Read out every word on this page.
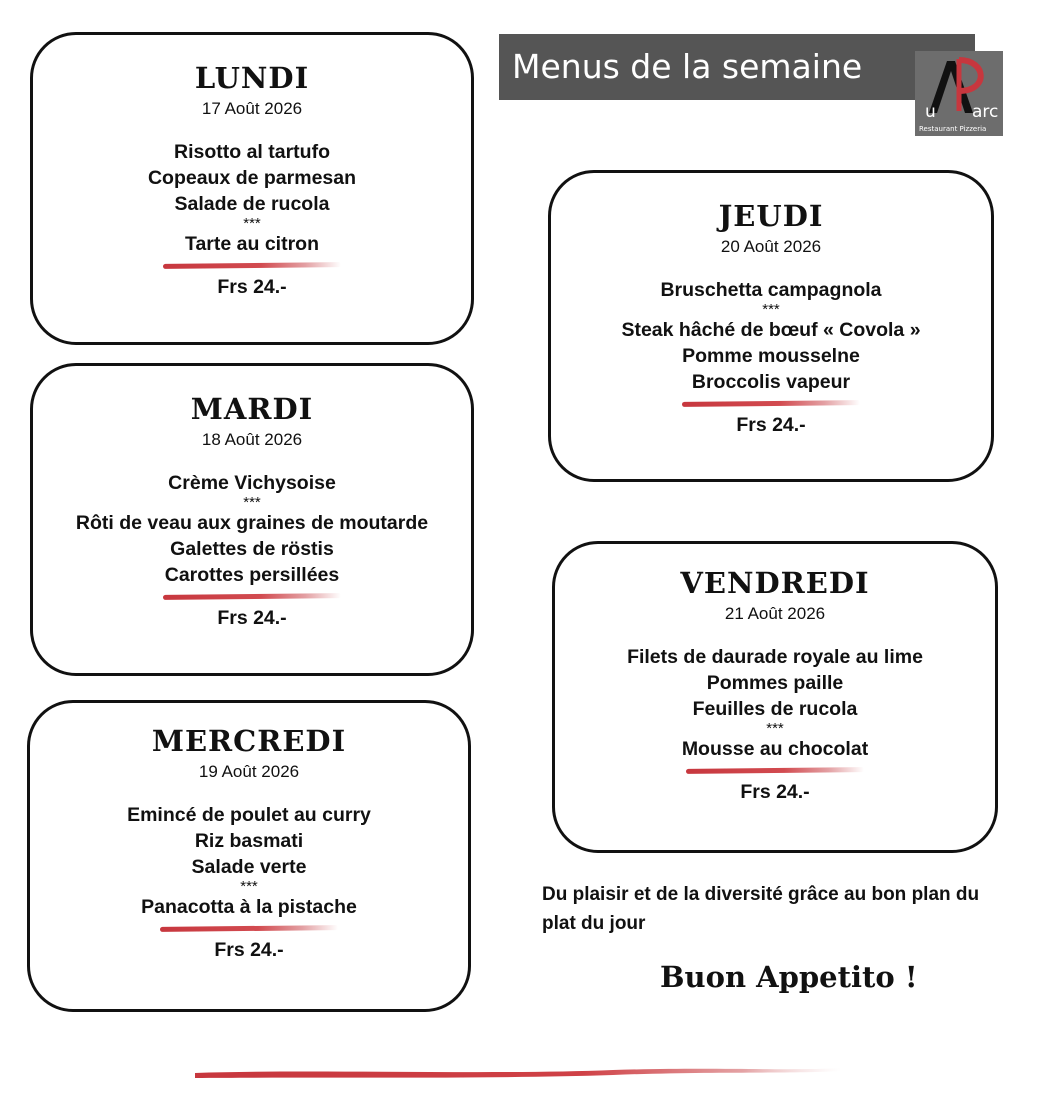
Menus de la semaine
u arc
Restaurant Pizzeria
LUNDI
17 Août 2026
Risotto al tartufo
Copeaux de parmesan
Salade de rucola
***
Tarte au citron
Frs 24.-
MARDI
18 Août 2026
Crème Vichysoise
***
Rôti de veau aux graines de moutarde
Galettes de röstis
Carottes persillées
Frs 24.-
MERCREDI
19 Août 2026
Emincé de poulet au curry
Riz basmati
Salade verte
***
Panacotta à la pistache
Frs 24.-
JEUDI
20 Août 2026
Bruschetta campagnola
***
Steak hâché de bœuf « Covola »
Pomme mousselne
Broccolis vapeur
Frs 24.-
VENDREDI
21 Août 2026
Filets de daurade royale au lime
Pommes paille
Feuilles de rucola
***
Mousse au chocolat
Frs 24.-
Du plaisir et de la diversité grâce au bon plan du plat du jour
Buon Appetito !
